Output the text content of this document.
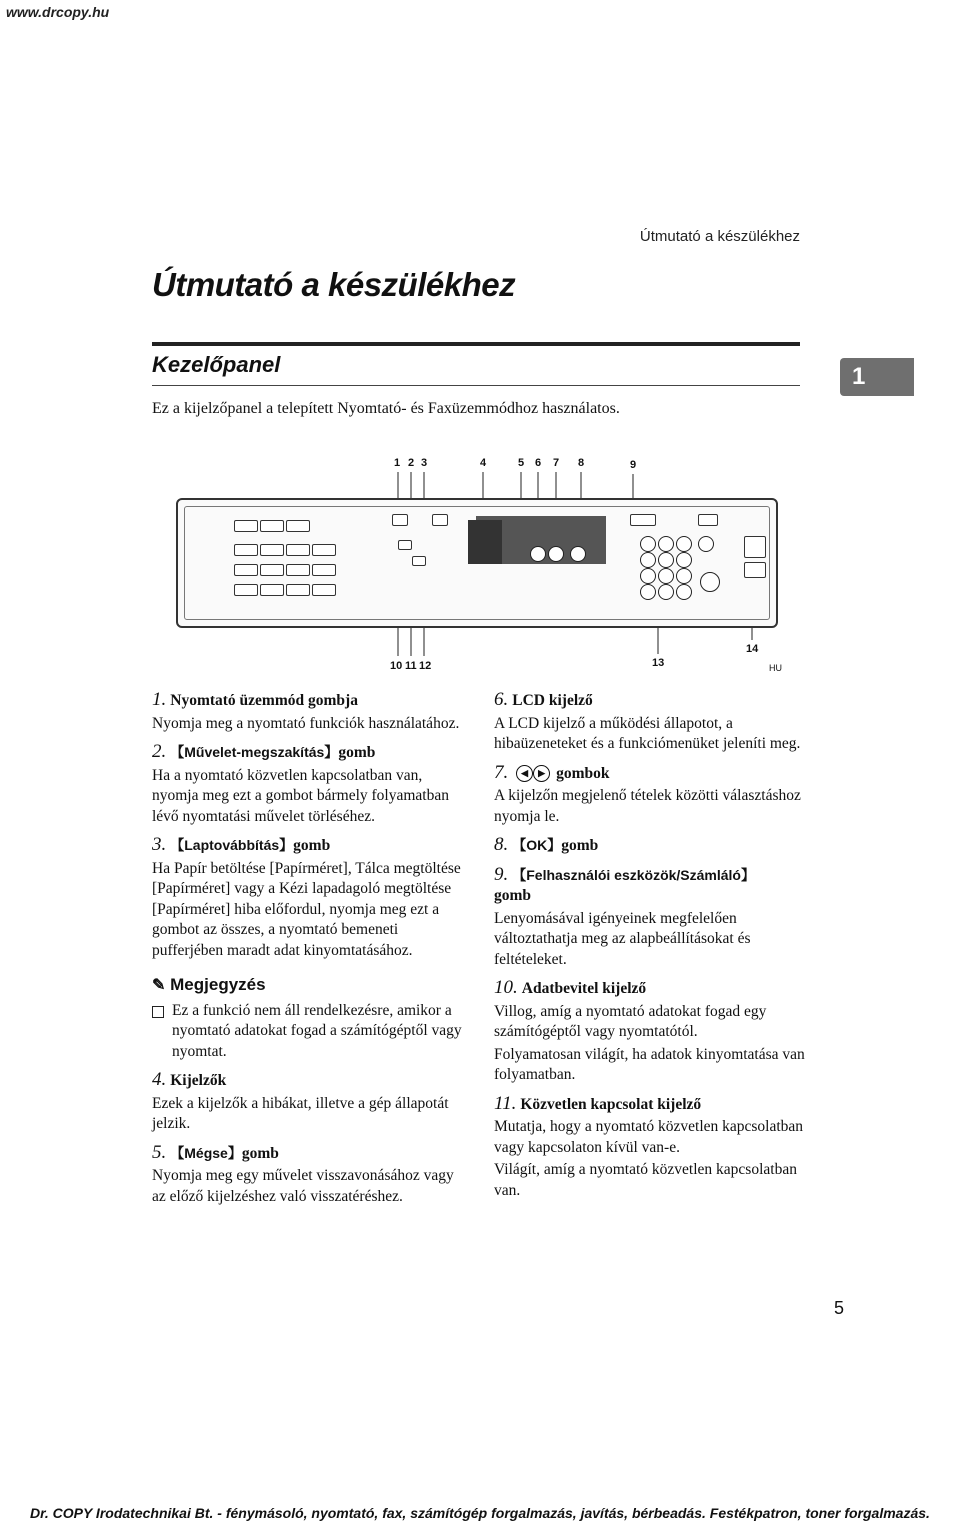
www.drcopy.hu
Útmutató a készülékhez
Útmutató a készülékhez
Kezelőpanel	1
Ez a kijelzőpanel a telepített Nyomtató- és Faxüzemmódhoz használatos.
1 2 3	4	5 6 7 8	9
10 11 12	13
14
HU
1. Nyomtató üzemmód gombja
Nyomja meg a nyomtató funkciók használatához.
2. 【Művelet-megszakítás】gomb
Ha a nyomtató közvetlen kapcsolatban van, nyomja meg ezt a gombot bármely folyamatban lévő nyomtatási művelet törléséhez.
3. 【Laptovábbítás】gomb
Ha Papír betöltése [Papírméret], Tálca megtöltése [Papírméret] vagy a Kézi lapadagoló megtöltése [Papírméret] hiba előfordul, nyomja meg ezt a gombot az összes, a nyomtató bemeneti pufferjében maradt adat kinyomtatásához.
✎ Megjegyzés
Ez a funkció nem áll rendelkezésre, amikor a nyomtató adatokat fogad a számítógéptől vagy nyomtat.
4. Kijelzők
Ezek a kijelzők a hibákat, illetve a gép állapotát jelzik.
5. 【Mégse】gomb
Nyomja meg egy művelet visszavonásához vagy az előző kijelzéshez való visszatéréshez.
6. LCD kijelző
A LCD kijelző a működési állapotot, a hibaüzeneteket és a funkciómenüket jeleníti meg.
7. ◀ ▶ gombok
A kijelzőn megjelenő tételek közötti választáshoz nyomja le.
8. 【OK】gomb
9. 【Felhasználói eszközök/Számláló】
gomb
Lenyomásával igényeinek megfelelően változtathatja meg az alapbeállításokat és feltételeket.
10. Adatbevitel kijelző
Villog, amíg a nyomtató adatokat fogad egy számítógéptől vagy nyomtatótól.
Folyamatosan világít, ha adatok kinyomtatása van folyamatban.
11. Közvetlen kapcsolat kijelző
Mutatja, hogy a nyomtató közvetlen kapcsolatban vagy kapcsolaton kívül van-e.
Világít, amíg a nyomtató közvetlen kapcsolatban van.
5
Dr. COPY Irodatechnikai Bt. - fénymásoló, nyomtató, fax, számítógép forgalmazás, javítás, bérbeadás. Festékpatron, toner forgalmazás.
